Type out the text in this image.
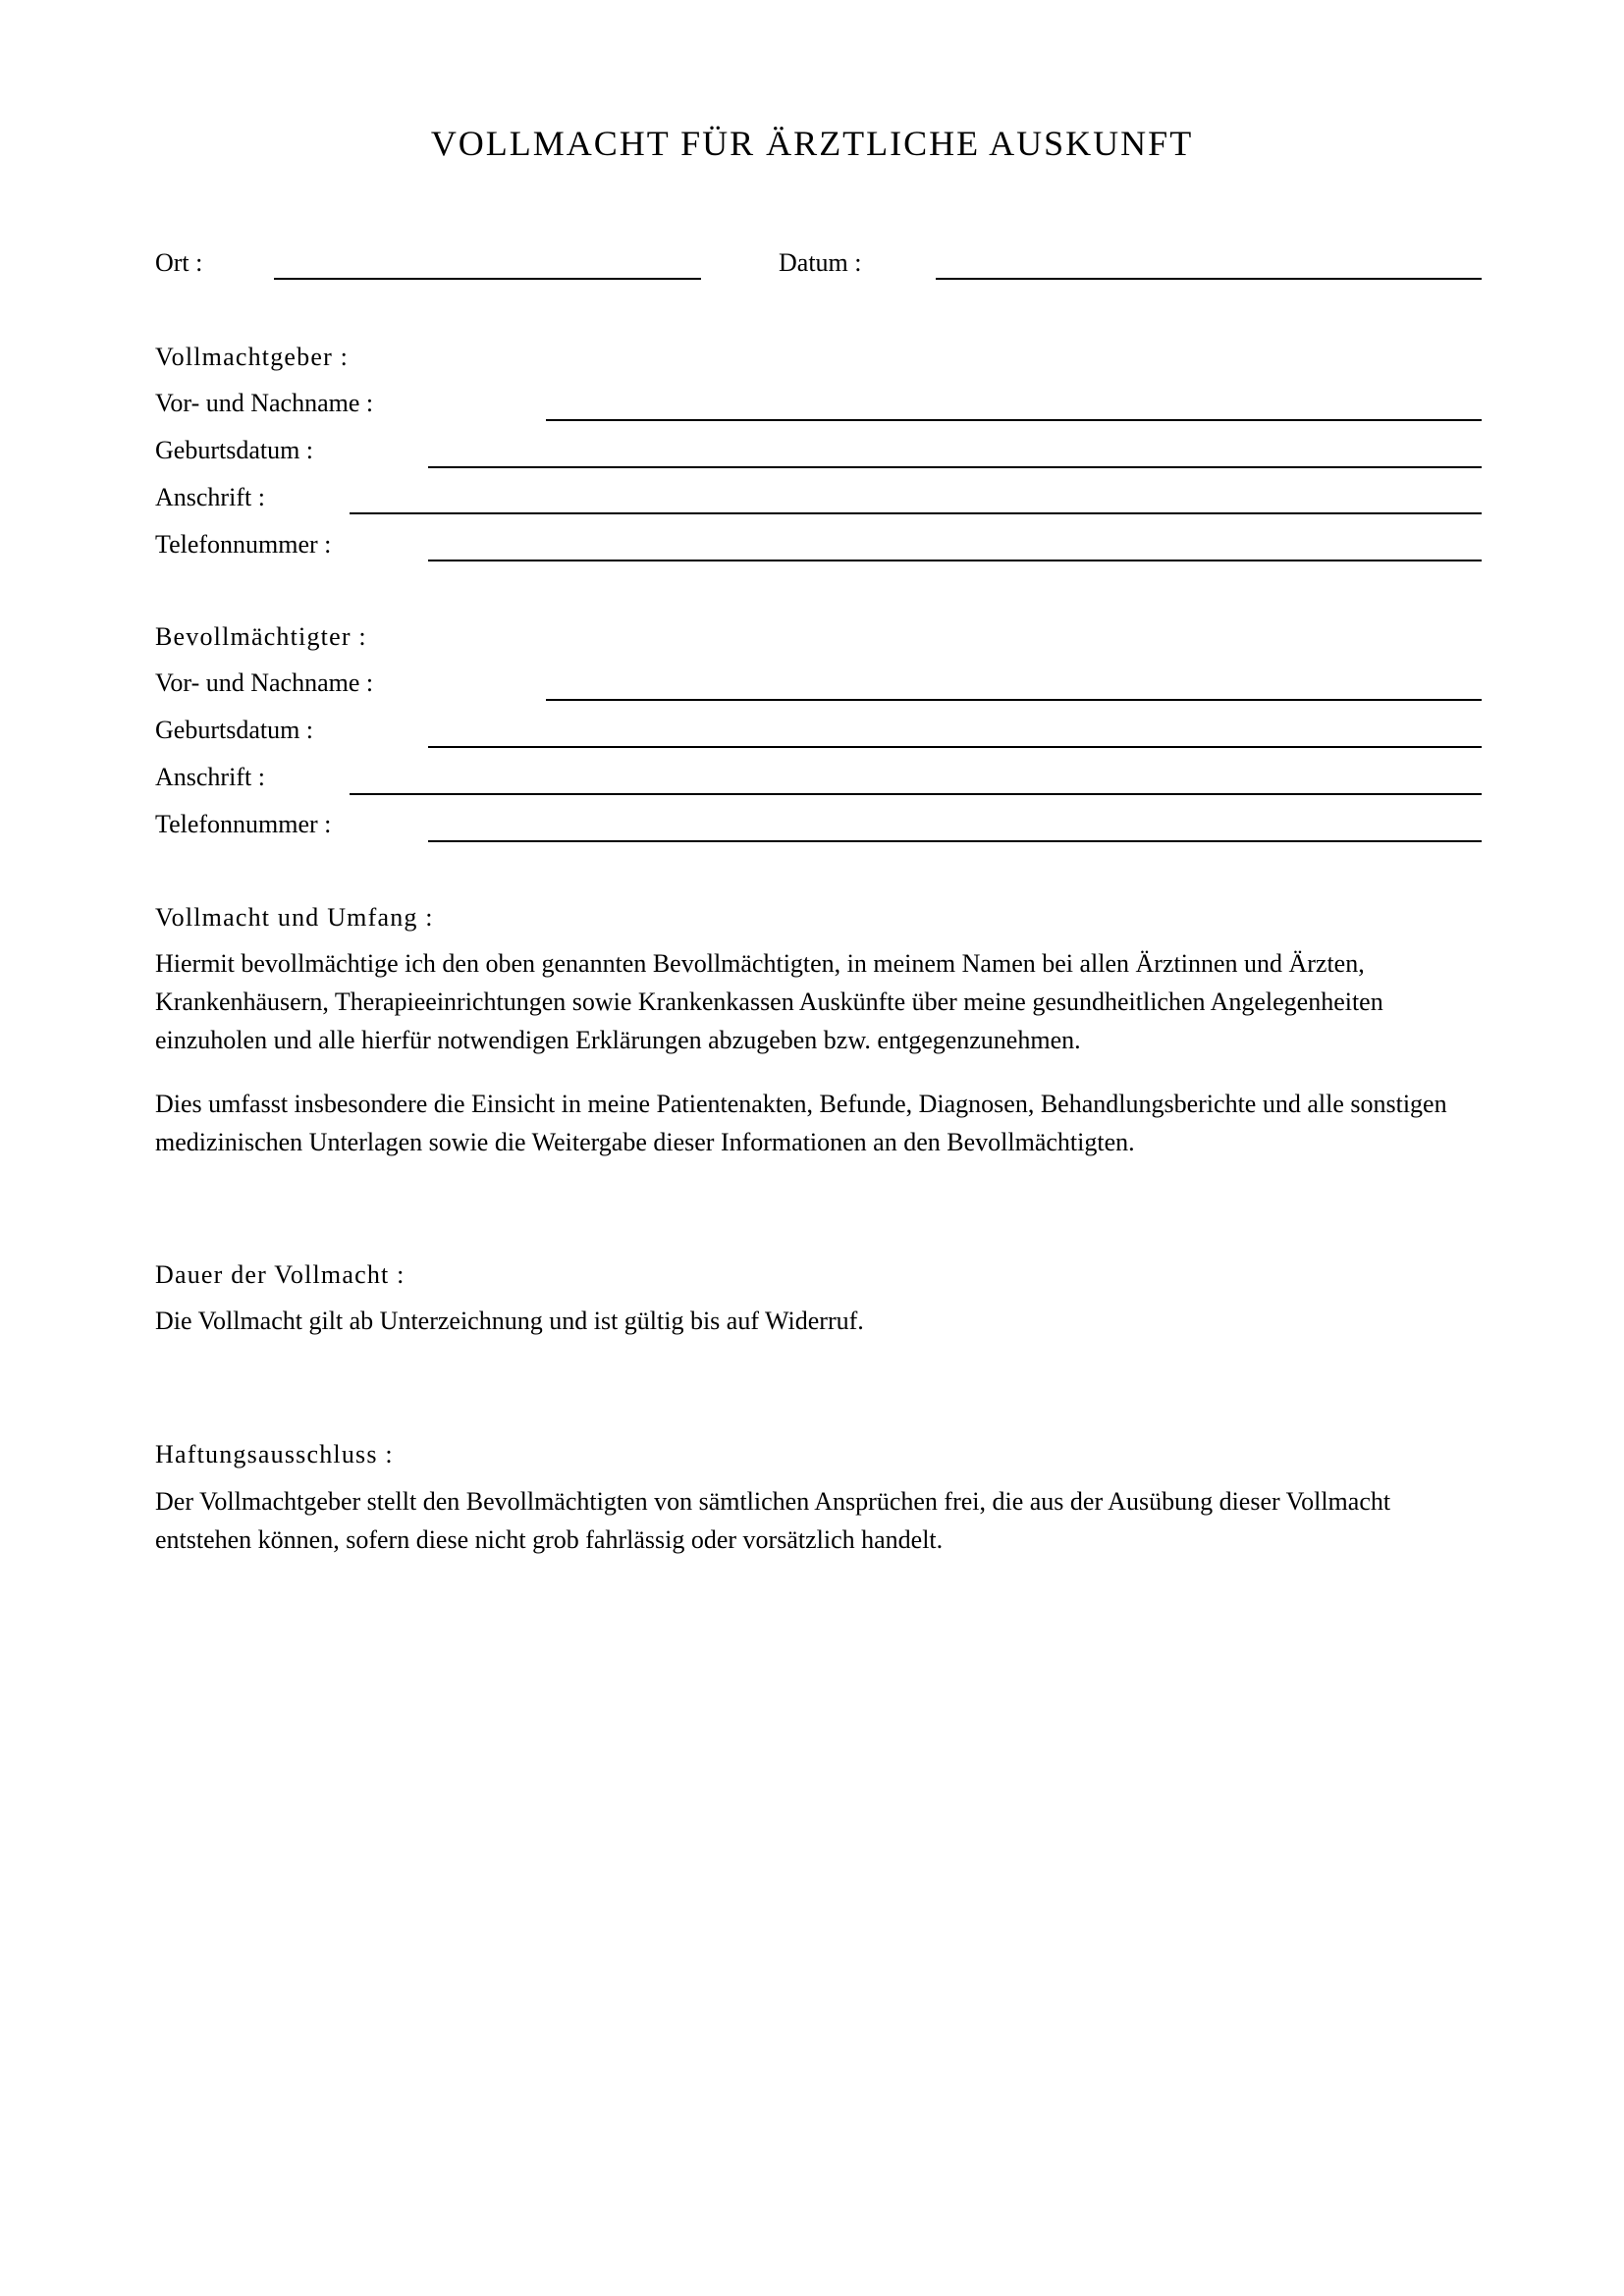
VOLLMACHT FÜR ÄRZTLICHE AUSKUNFT
Ort :	Datum :
Vollmachtgeber :
Vor- und Nachname :
Geburtsdatum :
Anschrift :
Telefonnummer :
Bevollmächtigter :
Vor- und Nachname :
Geburtsdatum :
Anschrift :
Telefonnummer :
Vollmacht und Umfang :

Hiermit bevollmächtige ich den oben genannten Bevollmächtigten, in meinem Namen bei allen Ärztinnen und Ärzten, Krankenhäusern, Therapieeinrichtungen sowie Krankenkassen Auskünfte über meine gesundheitlichen Angelegenheiten einzuholen und alle hierfür notwendigen Erklärungen abzugeben bzw. entgegenzunehmen.

Dies umfasst insbesondere die Einsicht in meine Patientenakten, Befunde, Diagnosen, Behandlungsberichte und alle sonstigen medizinischen Unterlagen sowie die Weitergabe dieser Informationen an den Bevollmächtigten.

Dauer der Vollmacht :

Die Vollmacht gilt ab Unterzeichnung und ist gültig bis auf Widerruf.

Haftungsausschluss :

Der Vollmachtgeber stellt den Bevollmächtigten von sämtlichen Ansprüchen frei, die aus der Ausübung dieser Vollmacht entstehen können, sofern diese nicht grob fahrlässig oder vorsätzlich handelt.
